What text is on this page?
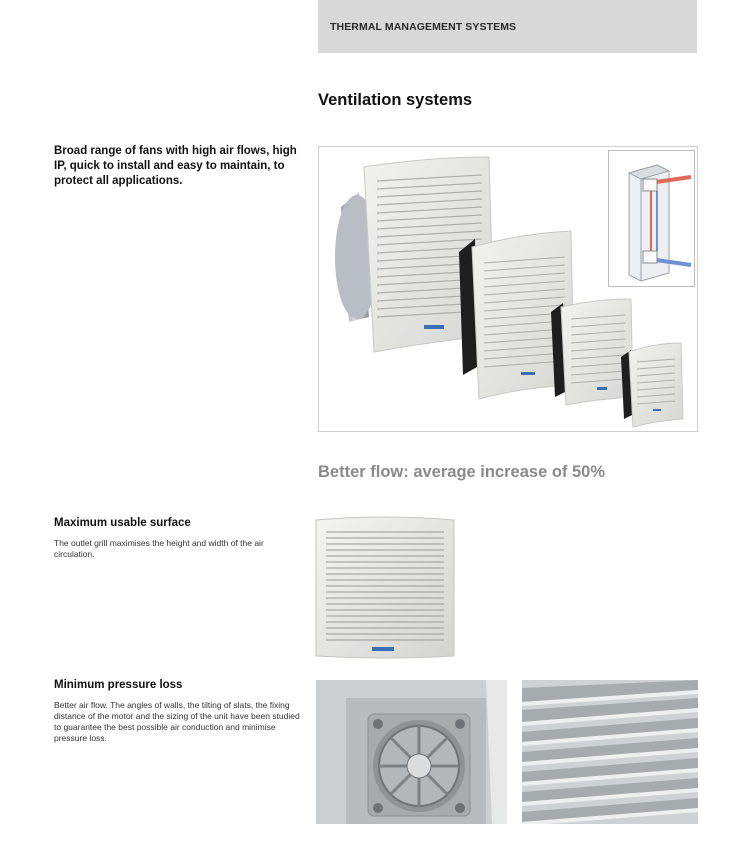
THERMAL MANAGEMENT SYSTEMS
Ventilation systems
Broad range of fans with high air flows, high IP, quick to install and easy to maintain, to protect all applications.
Better flow: average increase of 50%
Maximum usable surface
The outlet grill maximises the height and width of the air circulation.
Minimum pressure loss
Better air flow. The angles of walls, the tilting of slats, the fixing distance of the motor and the sizing of the unit have been studied to guarantee the best possible air conduction and minimise pressure loss.
